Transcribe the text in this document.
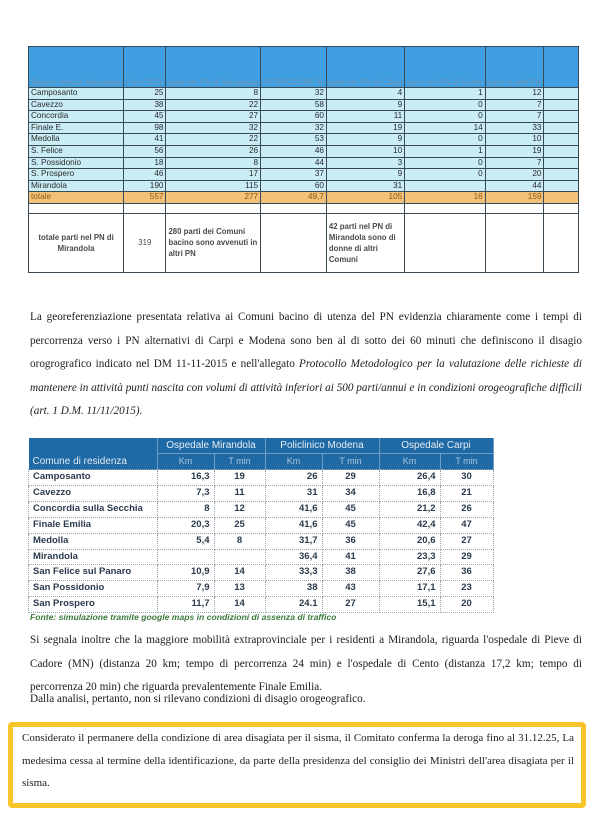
Bacino utenza Mirandola	Parti 2021	parti nel PN di Mirandola	ATTRAZIONE %	parti nel PN di Carpi	parti nel PN di Cento	parti in altri PN	
Camposanto	25	8	32	4	1	12	
Cavezzo	38	22	58	9	0	7	
Concordia	45	27	60	11	0	7	
Finale E.	98	32	32	19	14	33	
Medolla	41	22	53	9	0	10	
S. Felice	56	26	46	10	1	19	
S. Possidonio	18	8	44	3	0	7	
S. Prospero	46	17	37	9	0	20	
Mirandola	190	115	60	31		44	
totale	557	277	49,7	105	16	159	

totale parti nel PN di Mirandola	319	280 parti dei Comuni bacino sono avvenuti in altri PN		42 parti nel PN di Mirandola sono di donne di altri Comuni			

La georeferenziazione presentata relativa ai Comuni bacino di utenza del PN evidenzia chiaramente come i tempi di percorrenza verso i PN alternativi di Carpi e Modena sono ben al di sotto dei 60 minuti che definiscono il disagio orogrografico indicato nel DM 11-11-2015 e nell'allegato Protocollo Metodologico per la valutazione delle richieste di mantenere in attività punti nascita con volumi di attività inferiori ai 500 parti/annui e in condizioni orogeografiche difficili (art. 1 D.M. 11/11/2015).

	Ospedale Mirandola		Policlinico Modena		Ospedale Carpi	
Comune di residenza	Km	T min	Km	T min	Km	T min
Camposanto	16,3	19	26	29	26,4	30
Cavezzo	7,3	11	31	34	16,8	21
Concordia sulla Secchia	8	12	41,6	45	21,2	26
Finale Emilia	20,3	25	41,6	45	42,4	47
Medolla	5,4	8	31,7	36	20,6	27
Mirandola			36,4	41	23,3	29
San Felice sul Panaro	10,9	14	33,3	38	27,6	36
San Possidonio	7,9	13	38	43	17,1	23
San Prospero	11,7	14	24.1	27	15,1	20
Fonte: simulazione tramite google maps in condizioni di assenza di traffico

Si segnala inoltre che la maggiore mobilità extraprovinciale per i residenti a Mirandola, riguarda l'ospedale di Pieve di Cadore (MN) (distanza 20 km; tempo di percorrenza 24 min) e l'ospedale di Cento (distanza 17,2 km; tempo di percorrenza 20 min) che riguarda prevalentemente Finale Emilia.

Dalla analisi, pertanto, non si rilevano condizioni di disagio orogeografico.

Considerato il permanere della condizione di area disagiata per il sisma, il Comitato conferma la deroga fino al 31.12.25, La medesima cessa al termine della identificazione, da parte della presidenza del consiglio dei Ministri dell'area disagiata per il sisma.
